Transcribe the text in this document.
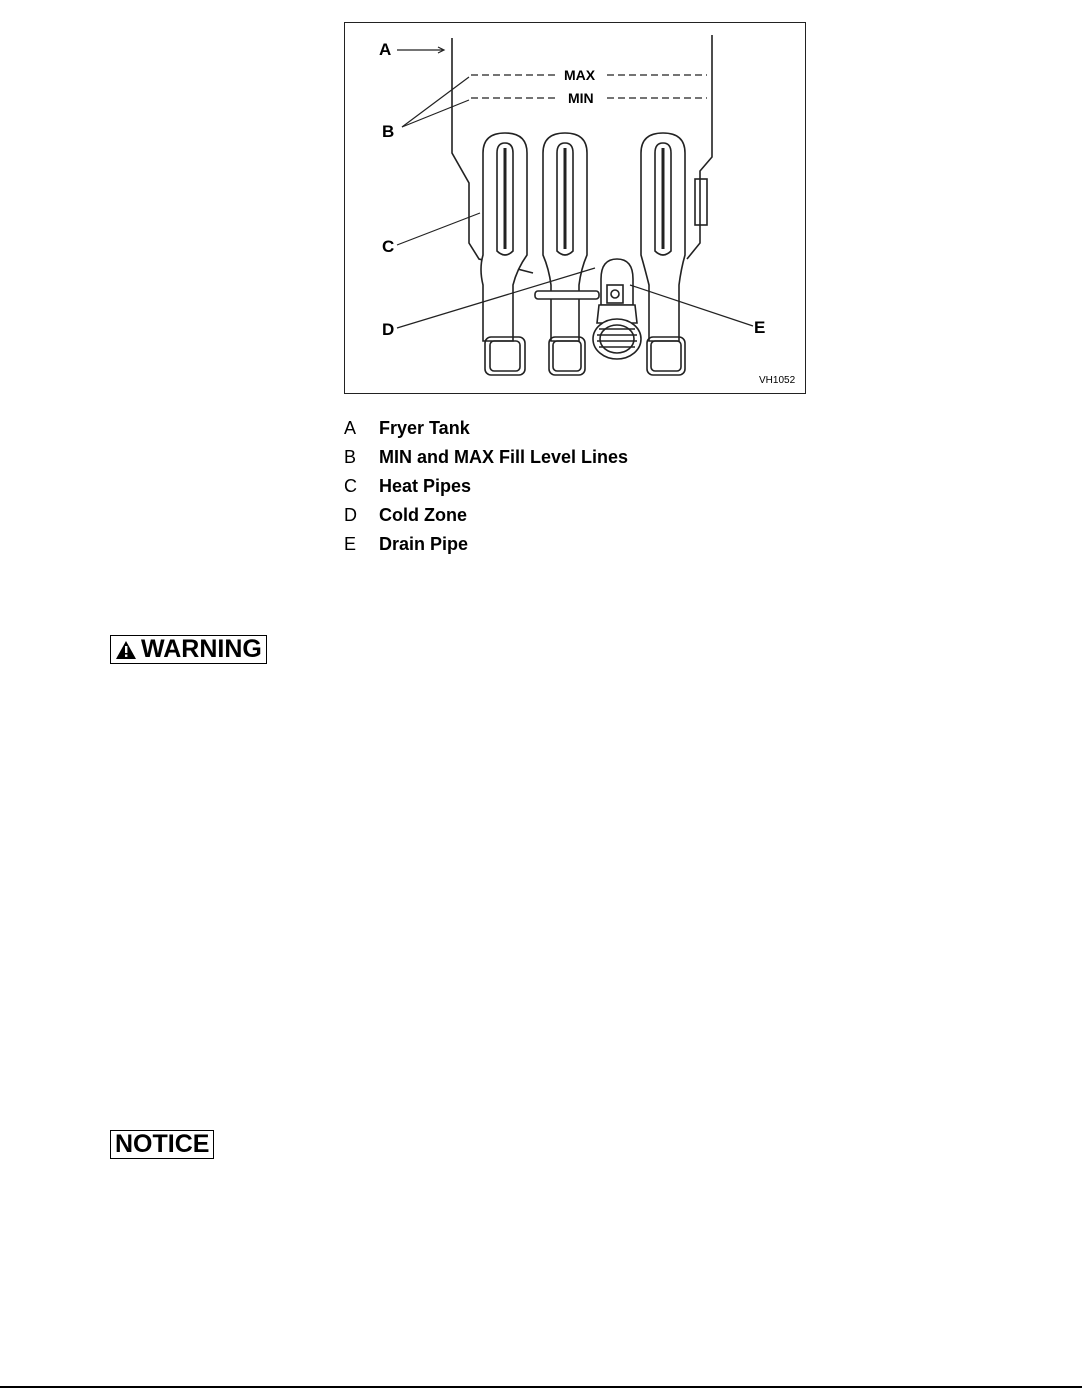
A
B
C
D	E
MAX
MIN
VH1052
A	Fryer Tank
B	MIN and MAX Fill Level Lines
C	Heat Pipes
D	Cold Zone
E	Drain Pipe
WARNING
NOTICE
